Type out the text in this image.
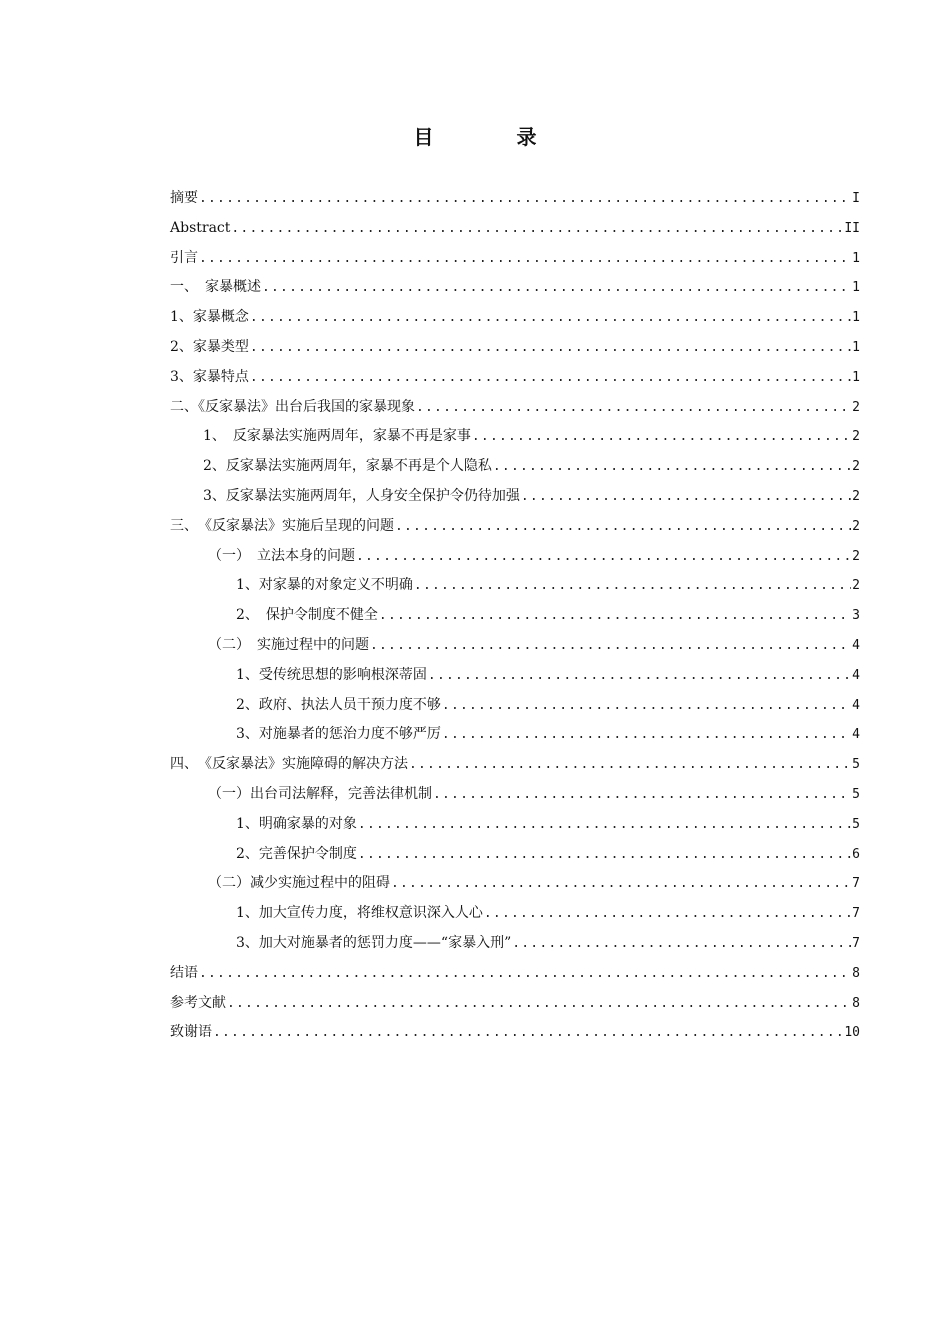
目 录
摘要 .....	I
Abstract .....	II
引言 .....	1
一、　家暴概述 .....	1
1、家暴概念 .....	1
2、家暴类型 .....	1
3、家暴特点 .....	1
二、《反家暴法》出台后我国的家暴现象 .....	2
1、　反家暴法实施两周年，家暴不再是家事 .....	2
2、反家暴法实施两周年，家暴不再是个人隐私 .....	2
3、反家暴法实施两周年，人身安全保护令仍待加强 .....	2
三、　《反家暴法》实施后呈现的问题 .....	2
（一）　立法本身的问题 .....	2
1、对家暴的对象定义不明确 .....	2
2、　保护令制度不健全 .....	3
（二）　实施过程中的问题 .....	4
1、受传统思想的影响根深蒂固 .....	4
2、政府、执法人员干预力度不够 .....	4
3、对施暴者的惩治力度不够严厉 .....	4
四、　《反家暴法》实施障碍的解决方法 .....	5
（一）出台司法解释，完善法律机制 .....	5
1、明确家暴的对象 .....	5
2、完善保护令制度 .....	6
（二）减少实施过程中的阻碍 .....	7
1、加大宣传力度，将维权意识深入人心 .....	7
3、加大对施暴者的惩罚力度——“家暴入刑” .....	7
结语 .....	8
参考文献 .....	8
致谢语 .....	10
